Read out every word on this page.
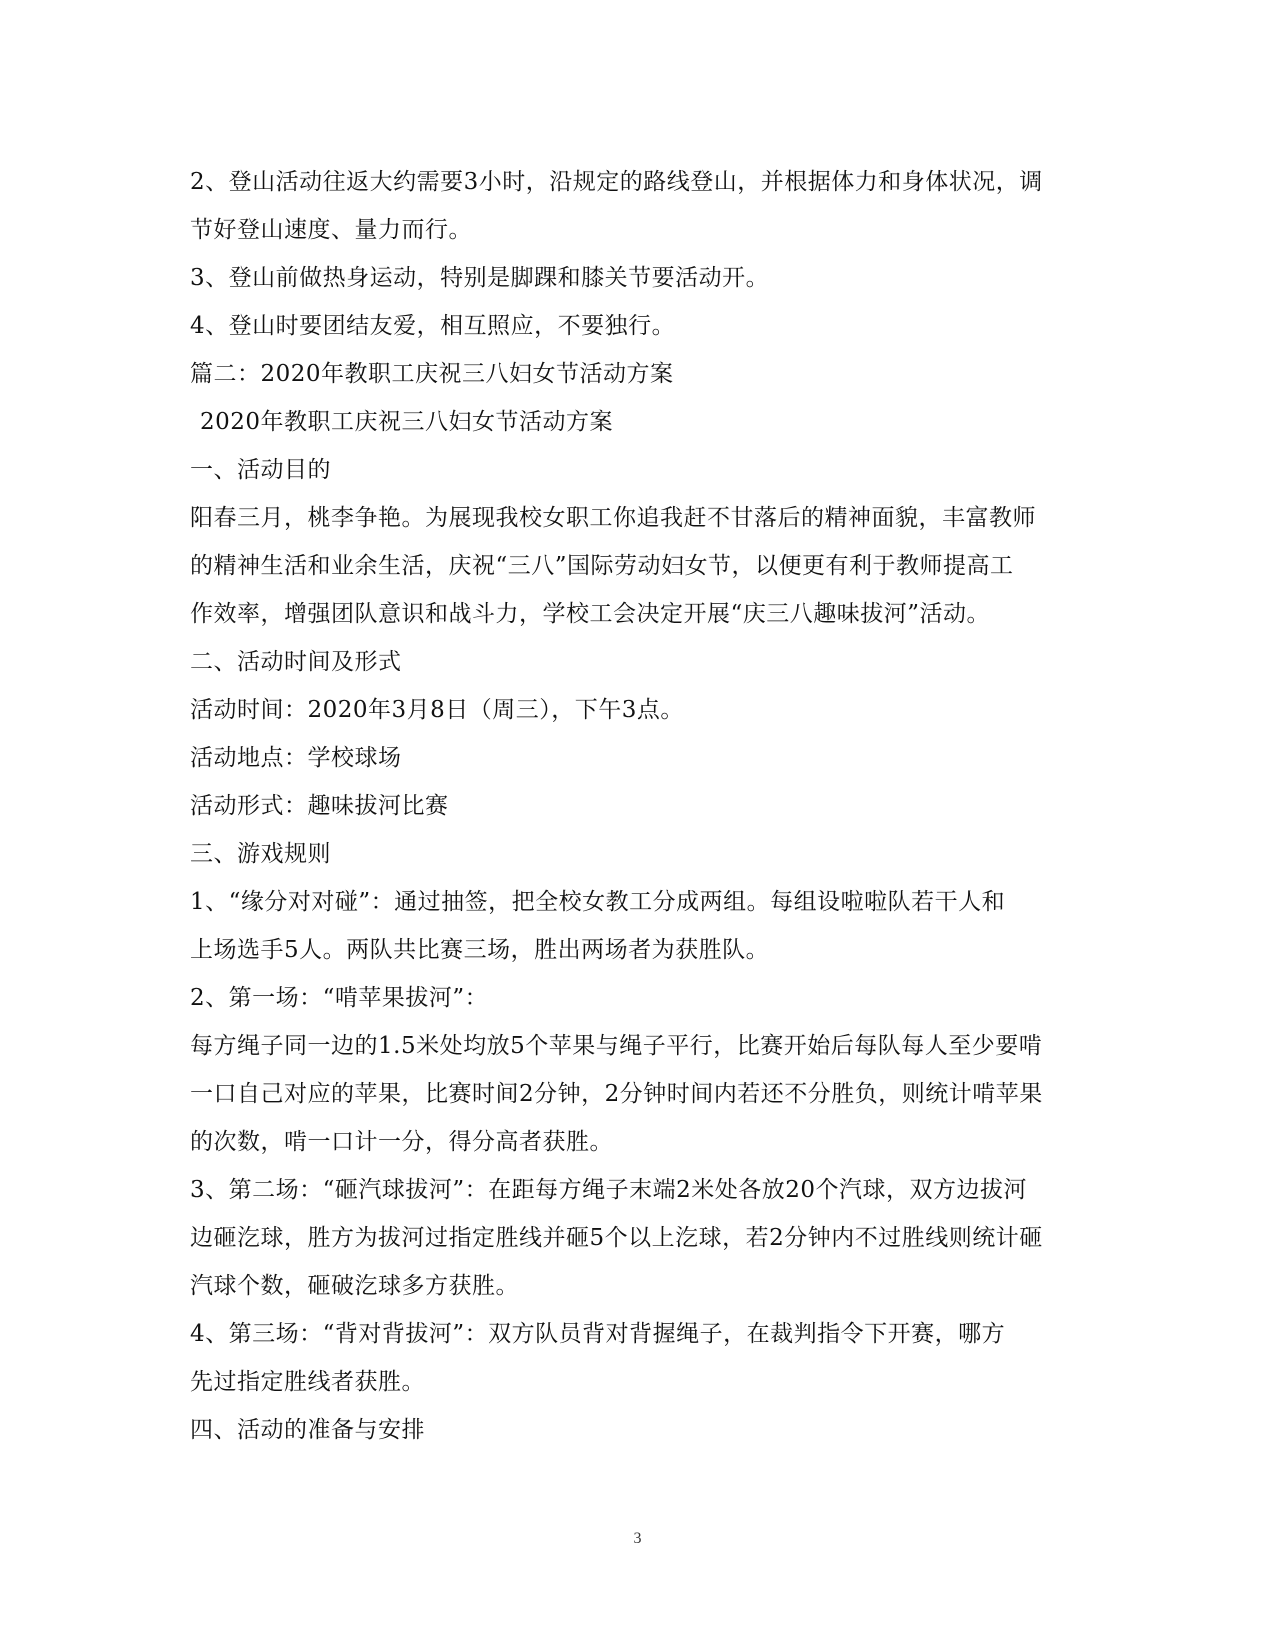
2、登山活动往返大约需要3小时，沿规定的路线登山，并根据体力和身体状况，调
节好登山速度、量力而行。
3、登山前做热身运动，特别是脚踝和膝关节要活动开。
4、登山时要团结友爱，相互照应，不要独行。
篇二：2020年教职工庆祝三八妇女节活动方案
2020年教职工庆祝三八妇女节活动方案
一、活动目的
阳春三月，桃李争艳。为展现我校女职工你追我赶不甘落后的精神面貌，丰富教师
的精神生活和业余生活，庆祝“三八”国际劳动妇女节，以便更有利于教师提高工
作效率，增强团队意识和战斗力，学校工会决定开展“庆三八趣味拔河”活动。
二、活动时间及形式
活动时间：2020年3月8日（周三），下午3点。
活动地点：学校球场
活动形式：趣味拔河比赛
三、游戏规则
1、“缘分对对碰”：通过抽签，把全校女教工分成两组。每组设啦啦队若干人和
上场选手5人。两队共比赛三场，胜出两场者为获胜队。
2、第一场：“啃苹果拔河”：
每方绳子同一边的1.5米处均放5个苹果与绳子平行，比赛开始后每队每人至少要啃
一口自己对应的苹果，比赛时间2分钟，2分钟时间内若还不分胜负，则统计啃苹果
的次数，啃一口计一分，得分高者获胜。
3、第二场：“砸汽球拔河”：在距每方绳子末端2米处各放20个汽球，双方边拔河
边砸汔球，胜方为拔河过指定胜线并砸5个以上汔球，若2分钟内不过胜线则统计砸
汽球个数，砸破汔球多方获胜。
4、第三场：“背对背拔河”：双方队员背对背握绳子，在裁判指令下开赛，哪方
先过指定胜线者获胜。
四、活动的准备与安排
3
